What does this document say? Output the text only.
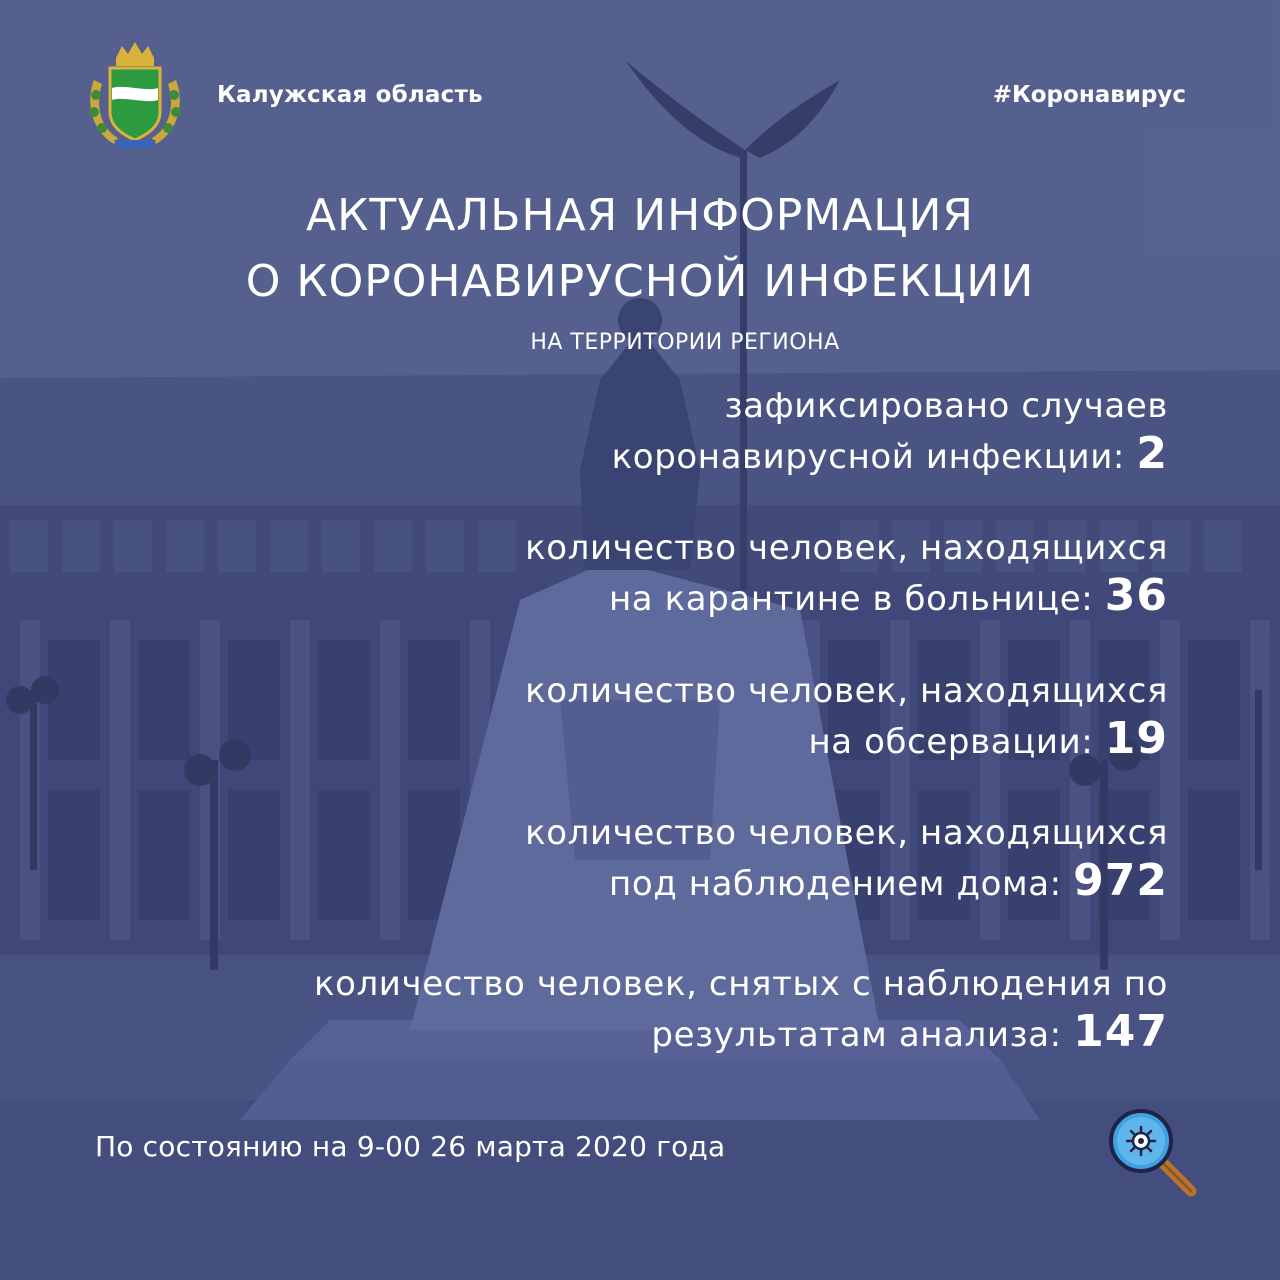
Калужская область	#Коронавирус
АКТУАЛЬНАЯ ИНФОРМАЦИЯ
О КОРОНАВИРУСНОЙ ИНФЕКЦИИ
НА ТЕРРИТОРИИ РЕГИОНА
зафиксировано случаев
коронавирусной инфекции: 2
количество человек, находящихся
на карантине в больнице: 36
количество человек, находящихся
на обсервации: 19
количество человек, находящихся
под наблюдением дома: 972
количество человек, снятых с наблюдения по
результатам анализа: 147
По состоянию на 9-00 26 марта 2020 года
